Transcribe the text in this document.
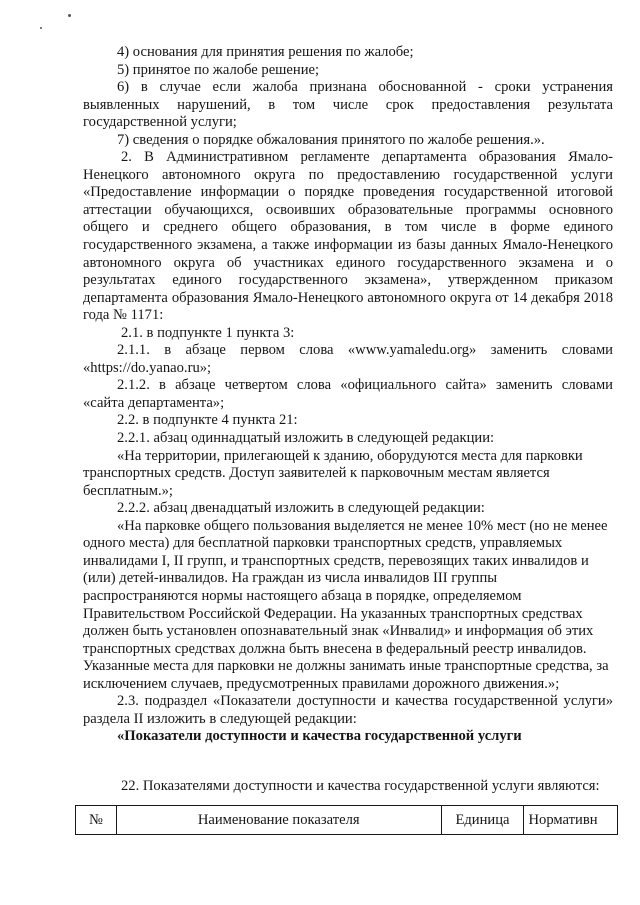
4) основания для принятия решения по жалобе;

5) принятое по жалобе решение;

6) в случае если жалоба признана обоснованной - сроки устранения выявленных нарушений, в том числе срок предоставления результата государственной услуги;

7) сведения о порядке обжалования принятого по жалобе решения.».

2. В Административном регламенте департамента образования Ямало-Ненецкого автономного округа по предоставлению государственной услуги «Предоставление информации о порядке проведения государственной итоговой аттестации обучающихся, освоивших образовательные программы основного общего и среднего общего образования, в том числе в форме единого государственного экзамена, а также информации из базы данных Ямало-Ненецкого автономного округа об участниках единого государственного экзамена и о результатах единого государственного экзамена», утвержденном приказом департамента образования Ямало-Ненецкого автономного округа от 14 декабря 2018 года № 1171:

2.1. в подпункте 1 пункта 3:

2.1.1. в абзаце первом слова «www.yamaledu.org» заменить словами «https://do.yanao.ru»;

2.1.2. в абзаце четвертом слова «официального сайта» заменить словами «сайта департамента»;

2.2. в подпункте 4 пункта 21:

2.2.1. абзац одиннадцатый изложить в следующей редакции:

«На территории, прилегающей к зданию, оборудуются места для парковки транспортных средств. Доступ заявителей к парковочным местам является бесплатным.»;

2.2.2. абзац двенадцатый изложить в следующей редакции:

«На парковке общего пользования выделяется не менее 10% мест (но не менее одного места) для бесплатной парковки транспортных средств, управляемых инвалидами I, II групп, и транспортных средств, перевозящих таких инвалидов и (или) детей-инвалидов. На граждан из числа инвалидов III группы распространяются нормы настоящего абзаца в порядке, определяемом Правительством Российской Федерации. На указанных транспортных средствах должен быть установлен опознавательный знак «Инвалид» и информация об этих транспортных средствах должна быть внесена в федеральный реестр инвалидов. Указанные места для парковки не должны занимать иные транспортные средства, за исключением случаев, предусмотренных правилами дорожного движения.»;

2.3. подраздел «Показатели доступности и качества государственной услуги» раздела II изложить в следующей редакции:

«Показатели доступности и качества государственной услуги

22. Показателями доступности и качества государственной услуги являются:

№	Наименование показателя	Единица	Нормативн
